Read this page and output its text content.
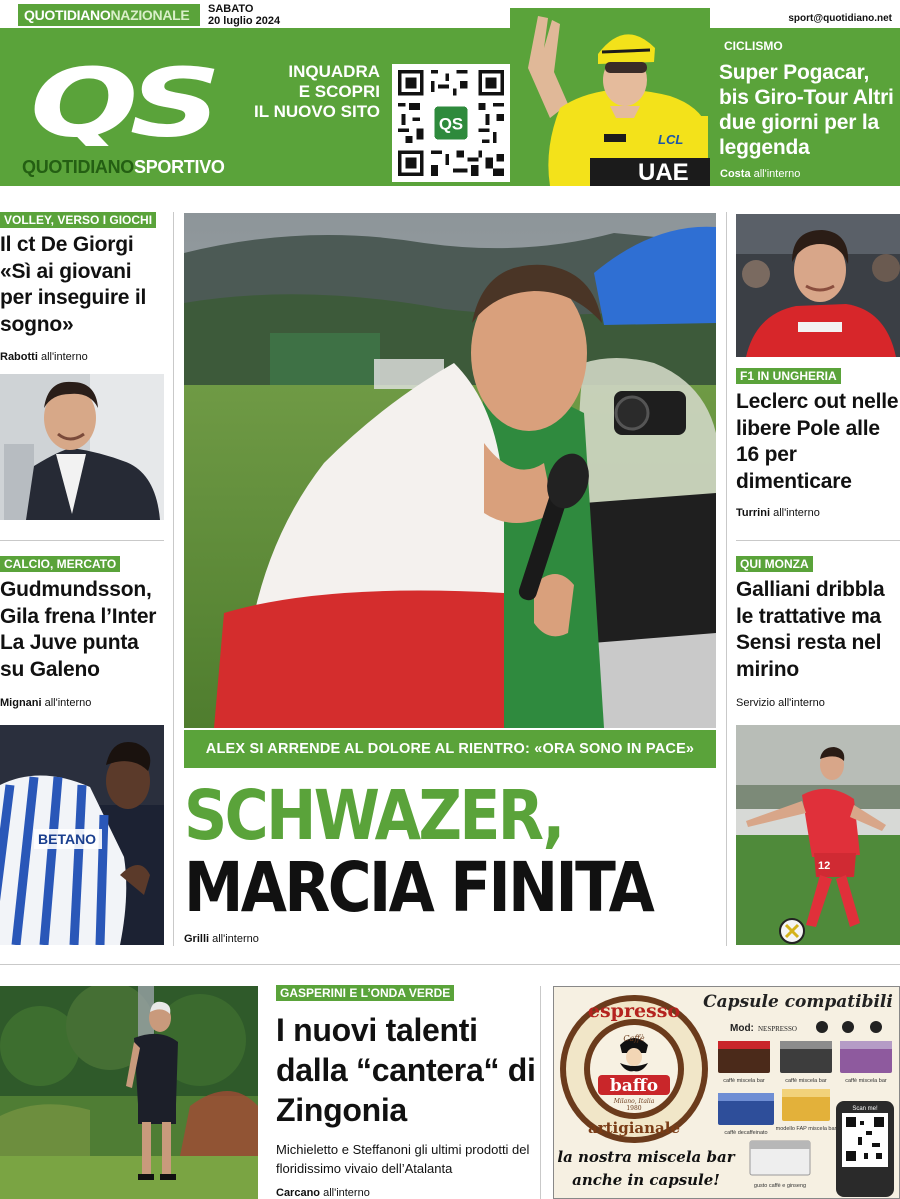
QUOTIDIANONAZIONALE	SABATO
20 luglio 2024	sport@quotidiano.net
QS
QUOTIDIANOSPORTIVO
INQUADRA
E SCOPRI
IL NUOVO SITO
QS
UAE
LCL
CICLISMO
Super Pogacar, bis Giro-Tour Altri due giorni per la leggenda
Costa all'interno
VOLLEY, VERSO I GIOCHI
Il ct De Giorgi «Sì ai giovani per inseguire il sogno»
Rabotti all'interno
CALCIO, MERCATO
Gudmundsson, Gila frena l’Inter La Juve punta su Galeno
Mignani all'interno
BETANO
ALEX SI ARRENDE AL DOLORE AL RIENTRO: «ORA SONO IN PACE»
SCHWAZER,
MARCIA FINITA
Grilli all'interno
F1 IN UNGHERIA
Leclerc out nelle libere Pole alle 16 per dimenticare
Turrini all'interno
QUI MONZA
Galliani dribbla le trattative ma Sensi resta nel mirino
Servizio all'interno
12
GASPERINI E L’ONDA VERDE
I nuovi talenti dalla “cantera“ di Zingonia
Michieletto e Steffanoni gli ultimi prodotti del floridissimo vivaio dell’Atalanta
Carcano all'interno
Capsule compatibili
espresso
artigianale
Caffè
baffo
Milano, Italia
1980
Mod: NESPRESSO
caffè miscela bar	caffè miscela bar	caffè miscela bar
caffè decaffeinato
modello FAP miscela bar
gusto caffè e ginseng
Scan me!
la nostra miscela bar
anche in capsule!
